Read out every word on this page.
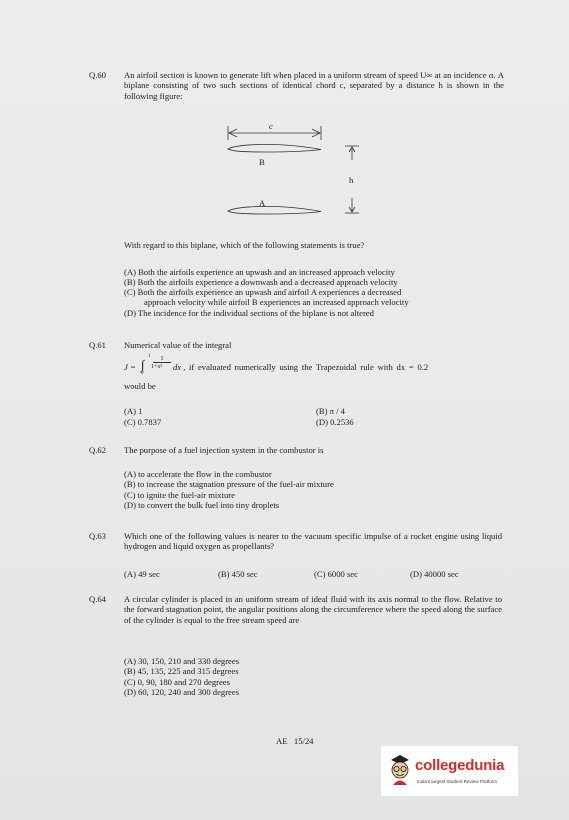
Q.60 An airfoil section is known to generate lift when placed in a uniform stream of speed U∞ at an incidence α. A biplane consisting of two such sections of identical chord c, separated by a distance h is shown in the following figure:
c
B
h
A
With regard to this biplane, which of the following statements is true?
(A) Both the airfoils experience an upwash and an increased approach velocity
(B) Both the airfoils experience a downwash and a decreased approach velocity
(C) Both the airfoils experience an upwash and airfoil A experiences a decreased
approach velocity while airfoil B experiences an increased approach velocity
(D) The incidence for the individual sections of the biplane is not altered
Q.61 Numerical value of the integral
J = ∫
1
0
1
1+x² dx , if evaluated numerically using the Trapezoidal rule with dx = 0.2
would be
(A) 1	(B) π / 4
(C) 0.7837	(D) 0.2536
Q.62 The purpose of a fuel injection system in the combustor is
(A) to accelerate the flow in the combustor
(B) to increase the stagnation pressure of the fuel-air mixture
(C) to ignite the fuel-air mixture
(D) to convert the bulk fuel into tiny droplets
Q.63 Which one of the following values is nearer to the vacuum specific impulse of a rocket engine using liquid hydrogen and liquid oxygen as propellants?
(A) 49 sec	(B) 450 sec	(C) 6000 sec	(D) 40000 sec
Q.64 A circular cylinder is placed in an uniform stream of ideal fluid with its axis normal to the flow. Relative to the forward stagnation point, the angular positions along the circumference where the speed along the surface of the cylinder is equal to the free stream speed are
(A) 30, 150, 210 and 330 degrees
(B) 45, 135, 225 and 315 degrees
(C) 0, 90, 180 and 270 degrees
(D) 60, 120, 240 and 300 degrees
AE   15/24
collegedunia
India's largest Student Review Platform
